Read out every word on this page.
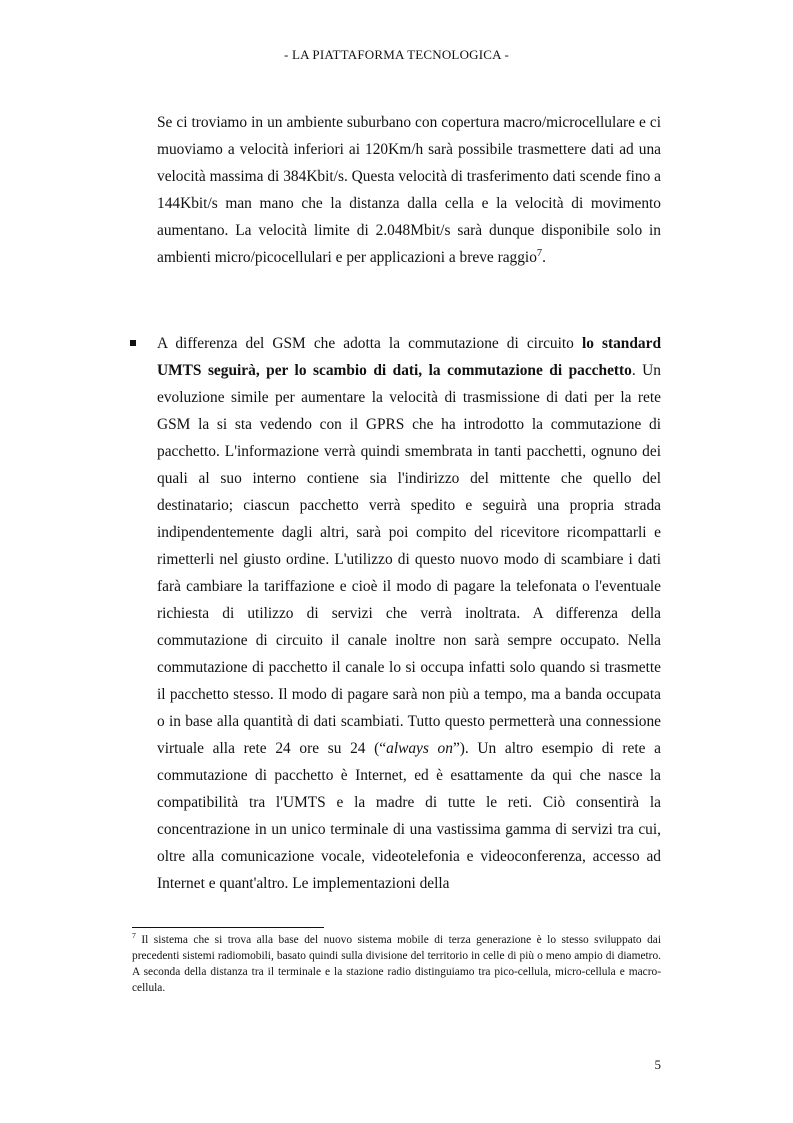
- LA PIATTAFORMA TECNOLOGICA -

Se ci troviamo in un ambiente suburbano con copertura macro/microcellulare e ci muoviamo a velocità inferiori ai 120Km/h sarà possibile trasmettere dati ad una velocità massima di 384Kbit/s. Questa velocità di trasferimento dati scende fino a 144Kbit/s man mano che la distanza dalla cella e la velocità di movimento aumentano. La velocità limite di 2.048Mbit/s sarà dunque disponibile solo in ambienti micro/picocellulari e per applicazioni a breve raggio$^7$.

A differenza del GSM che adotta la commutazione di circuito lo standard UMTS seguirà, per lo scambio di dati, la commutazione di pacchetto. Un evoluzione simile per aumentare la velocità di trasmissione di dati per la rete GSM la si sta vedendo con il GPRS che ha introdotto la commutazione di pacchetto. L'informazione verrà quindi smembrata in tanti pacchetti, ognuno dei quali al suo interno contiene sia l'indirizzo del mittente che quello del destinatario; ciascun pacchetto verrà spedito e seguirà una propria strada indipendentemente dagli altri, sarà poi compito del ricevitore ricompattarli e rimetterli nel giusto ordine. L'utilizzo di questo nuovo modo di scambiare i dati farà cambiare la tariffazione e cioè il modo di pagare la telefonata o l'eventuale richiesta di utilizzo di servizi che verrà inoltrata. A differenza della commutazione di circuito il canale inoltre non sarà sempre occupato. Nella commutazione di pacchetto il canale lo si occupa infatti solo quando si trasmette il pacchetto stesso. Il modo di pagare sarà non più a tempo, ma a banda occupata o in base alla quantità di dati scambiati. Tutto questo permetterà una connessione virtuale alla rete 24 ore su 24 (“always on”). Un altro esempio di rete a commutazione di pacchetto è Internet, ed è esattamente da qui che nasce la compatibilità tra l'UMTS e la madre di tutte le reti. Ciò consentirà la concentrazione in un unico terminale di una vastissima gamma di servizi tra cui, oltre alla comunicazione vocale, videotelefonia e videoconferenza, accesso ad Internet e quant'altro. Le implementazioni della

$^7$ Il sistema che si trova alla base del nuovo sistema mobile di terza generazione è lo stesso sviluppato dai precedenti sistemi radiomobili, basato quindi sulla divisione del territorio in celle di più o meno ampio di diametro. A seconda della distanza tra il terminale e la stazione radio distinguiamo tra pico-cellula, micro-cellula e macro-cellula.

5
